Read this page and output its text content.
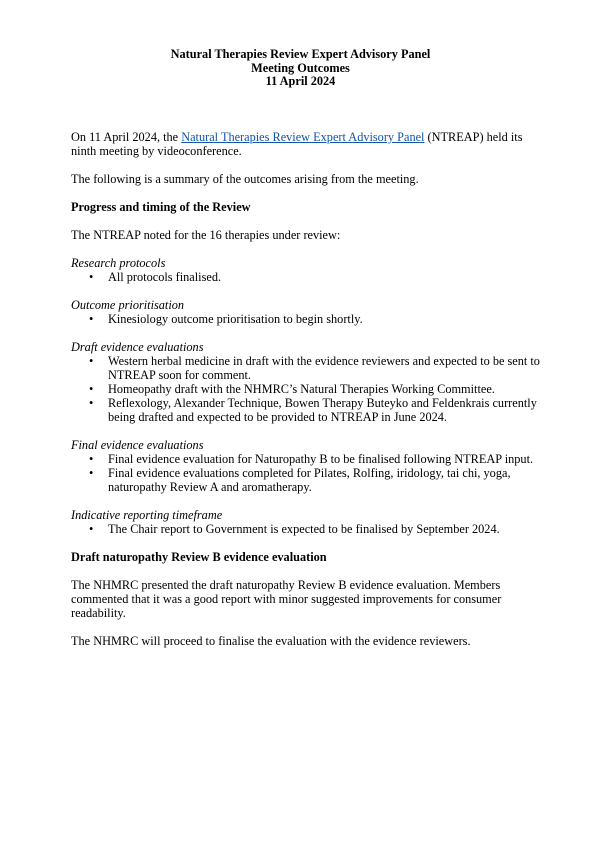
Natural Therapies Review Expert Advisory Panel
Meeting Outcomes
11 April 2024

On 11 April 2024, the Natural Therapies Review Expert Advisory Panel (NTREAP) held its ninth meeting by videoconference.

The following is a summary of the outcomes arising from the meeting.

Progress and timing of the Review

The NTREAP noted for the 16 therapies under review:

Research protocols

• All protocols finalised.

Outcome prioritisation

• Kinesiology outcome prioritisation to begin shortly.

Draft evidence evaluations

• Western herbal medicine in draft with the evidence reviewers and expected to be sent to NTREAP soon for comment.
• Homeopathy draft with the NHMRC’s Natural Therapies Working Committee.
• Reflexology, Alexander Technique, Bowen Therapy Buteyko and Feldenkrais currently being drafted and expected to be provided to NTREAP in June 2024.

Final evidence evaluations

• Final evidence evaluation for Naturopathy B to be finalised following NTREAP input.
• Final evidence evaluations completed for Pilates, Rolfing, iridology, tai chi, yoga, naturopathy Review A and aromatherapy.

Indicative reporting timeframe

• The Chair report to Government is expected to be finalised by September 2024.

Draft naturopathy Review B evidence evaluation

The NHMRC presented the draft naturopathy Review B evidence evaluation. Members commented that it was a good report with minor suggested improvements for consumer readability.

The NHMRC will proceed to finalise the evaluation with the evidence reviewers.
